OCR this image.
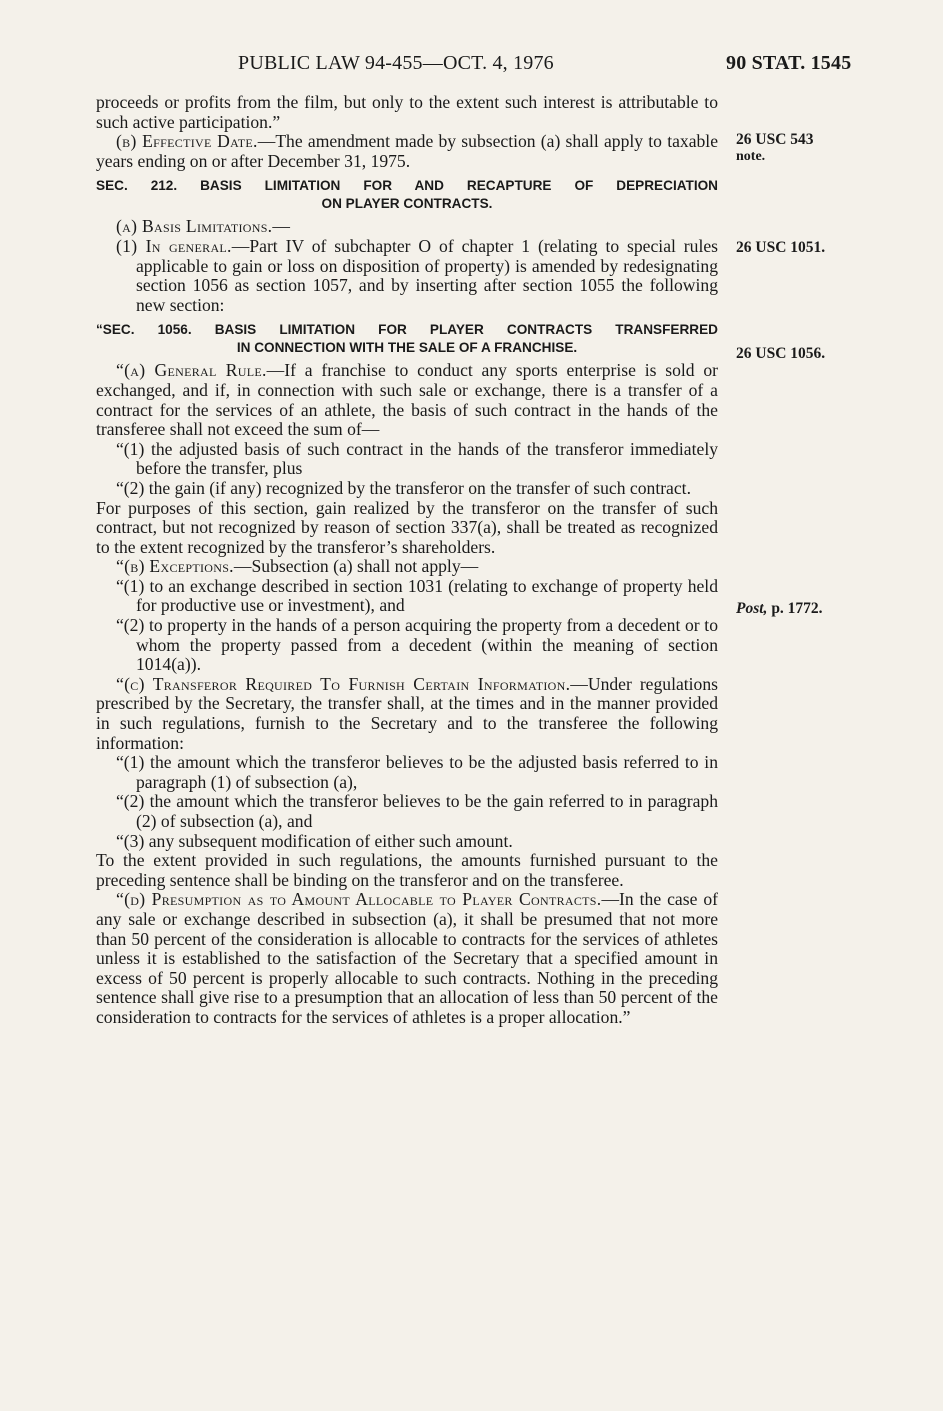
PUBLIC LAW 94-455—OCT. 4, 1976	90 STAT. 1545
26 USC 543
note.
26 USC 1051.
26 USC 1056.
Post, p. 1772.

proceeds or profits from the film, but only to the extent such interest is attributable to such active participation.”

(b) Effective Date.—The amendment made by subsection (a) shall apply to taxable years ending on or after December 31, 1975.

SEC. 212. BASIS LIMITATION FOR AND RECAPTURE OF DEPRECIATION
ON PLAYER CONTRACTS.

(a) Basis Limitations.—

(1) In general.—Part IV of subchapter O of chapter 1 (relating to special rules applicable to gain or loss on disposition of property) is amended by redesignating section 1056 as section 1057, and by inserting after section 1055 the following new section:

“SEC. 1056. BASIS LIMITATION FOR PLAYER CONTRACTS TRANSFERRED
IN CONNECTION WITH THE SALE OF A FRANCHISE.

“(a) General Rule.—If a franchise to conduct any sports enterprise is sold or exchanged, and if, in connection with such sale or exchange, there is a transfer of a contract for the services of an athlete, the basis of such contract in the hands of the transferee shall not exceed the sum of—

“(1) the adjusted basis of such contract in the hands of the transferor immediately before the transfer, plus

“(2) the gain (if any) recognized by the transferor on the transfer of such contract.

For purposes of this section, gain realized by the transferor on the transfer of such contract, but not recognized by reason of section 337(a), shall be treated as recognized to the extent recognized by the transferor’s shareholders.

“(b) Exceptions.—Subsection (a) shall not apply—

“(1) to an exchange described in section 1031 (relating to exchange of property held for productive use or investment), and

“(2) to property in the hands of a person acquiring the property from a decedent or to whom the property passed from a decedent (within the meaning of section 1014(a)).

“(c) Transferor Required To Furnish Certain Information.—Under regulations prescribed by the Secretary, the transfer shall, at the times and in the manner provided in such regulations, furnish to the Secretary and to the transferee the following information:

“(1) the amount which the transferor believes to be the adjusted basis referred to in paragraph (1) of subsection (a),

“(2) the amount which the transferor believes to be the gain referred to in paragraph (2) of subsection (a), and

“(3) any subsequent modification of either such amount.

To the extent provided in such regulations, the amounts furnished pursuant to the preceding sentence shall be binding on the transferor and on the transferee.

“(d) Presumption as to Amount Allocable to Player Contracts.—In the case of any sale or exchange described in subsection (a), it shall be presumed that not more than 50 percent of the consideration is allocable to contracts for the services of athletes unless it is established to the satisfaction of the Secretary that a specified amount in excess of 50 percent is properly allocable to such contracts. Nothing in the preceding sentence shall give rise to a presumption that an allocation of less than 50 percent of the consideration to contracts for the services of athletes is a proper allocation.”
